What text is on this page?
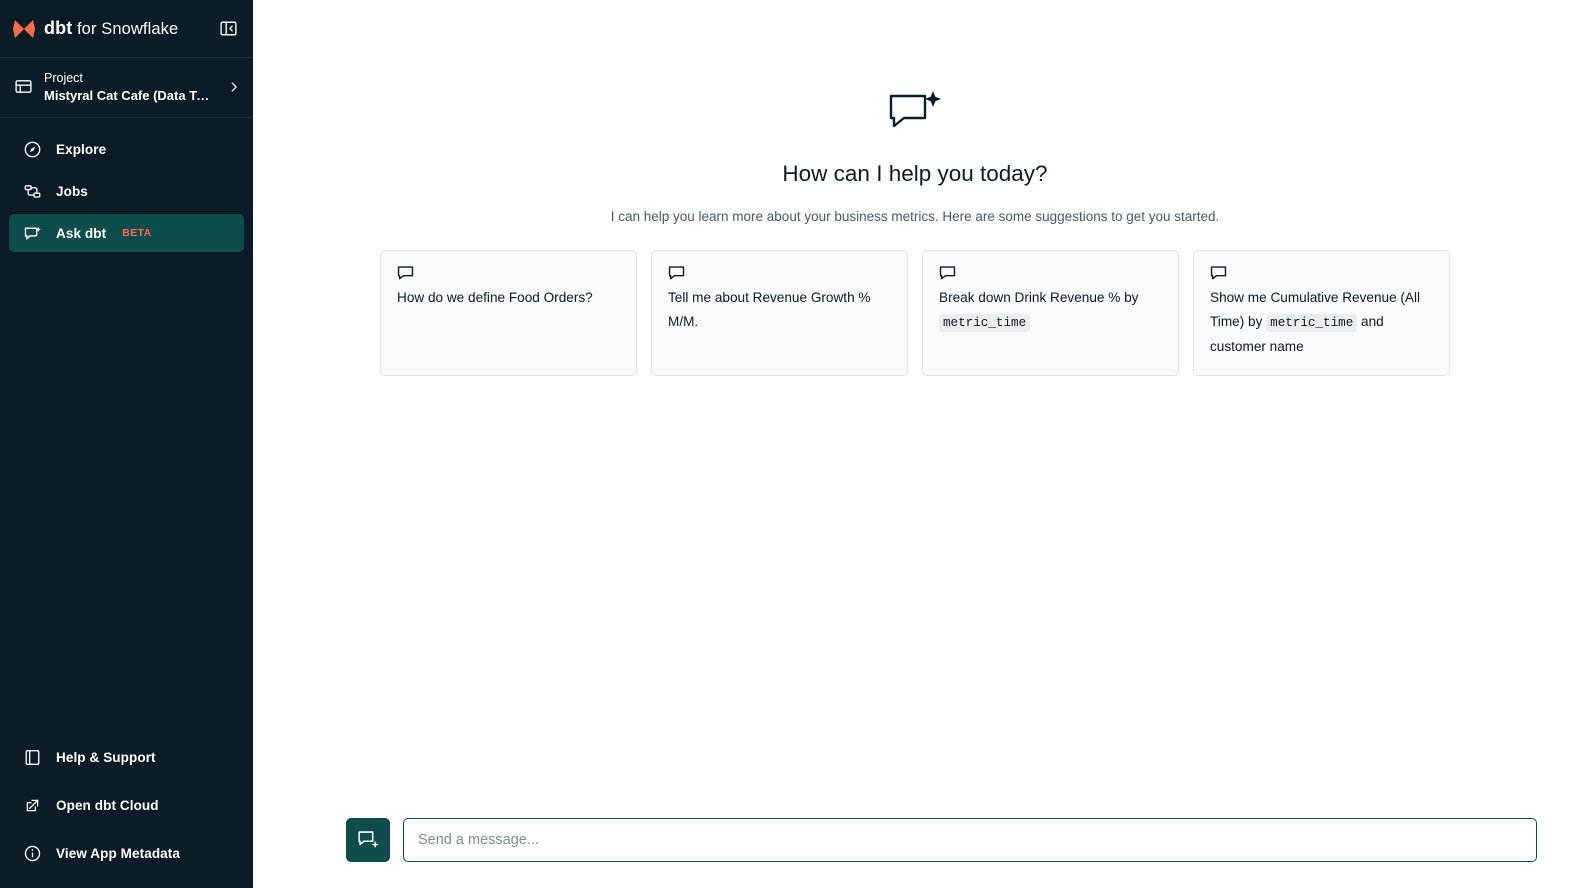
dbt for Snowflake
Project
Mistyral Cat Cafe (Data Te…
Explore
Jobs
Ask dbt BETA
Help & Support
Open dbt Cloud
View App Metadata
How can I help you today?

I can help you learn more about your business metrics. Here are some suggestions to get you started.

How do we define Food Orders?	Tell me about Revenue Growth % M/M.
Break down Drink Revenue % by metric_time
Show me Cumulative Revenue (All Time) by metric_time and customer name
Send a message...
